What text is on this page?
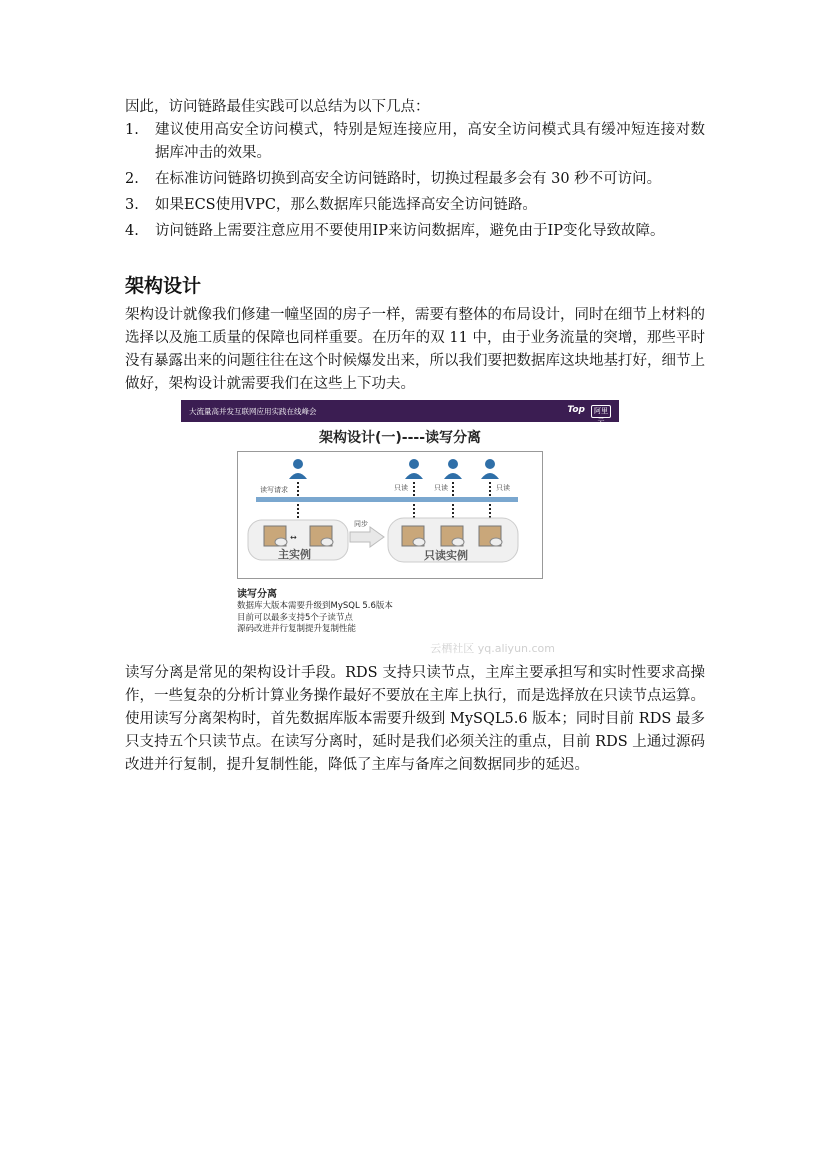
因此，访问链路最佳实践可以总结为以下几点：

1.	建议使用高安全访问模式，特别是短连接应用，高安全访问模式具有缓冲短连接对数据库冲击的效果。
2.	在标准访问链路切换到高安全访问链路时，切换过程最多会有 30 秒不可访问。
3.	如果ECS使用VPC，那么数据库只能选择高安全访问链路。
4.	访问链路上需要注意应用不要使用IP来访问数据库，避免由于IP变化导致故障。
架构设计

架构设计就像我们修建一幢坚固的房子一样，需要有整体的布局设计，同时在细节上材料的选择以及施工质量的保障也同样重要。在历年的双 11 中，由于业务流量的突增，那些平时没有暴露出来的问题往往在这个时候爆发出来，所以我们要把数据库这块地基打好，细节上做好，架构设计就需要我们在这些上下功夫。

大流量高并发互联网应用实践在线峰会	Top	阿里云
架构设计(一)----读写分离
读写请求	只读	只读	只读
↔
主实例
同步
只读实例
读写分离
数据库大版本需要升级到MySQL 5.6版本
目前可以最多支持5个子读节点
源码改进并行复制提升复制性能
云栖社区 yq.aliyun.com

读写分离是常见的架构设计手段。RDS 支持只读节点，主库主要承担写和实时性要求高操作，一些复杂的分析计算业务操作最好不要放在主库上执行，而是选择放在只读节点运算。使用读写分离架构时，首先数据库版本需要升级到 MySQL5.6 版本；同时目前 RDS 最多只支持五个只读节点。在读写分离时，延时是我们必须关注的重点，目前 RDS 上通过源码改进并行复制，提升复制性能，降低了主库与备库之间数据同步的延迟。
